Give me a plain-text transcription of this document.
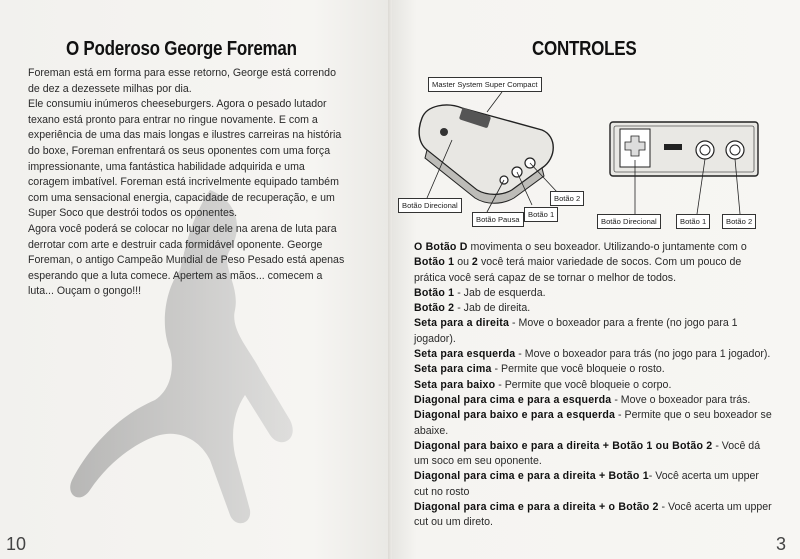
O Poderoso George Foreman

Foreman está em forma para esse retorno, George está correndo de dez a dezessete milhas por dia.

Ele consumiu inúmeros cheeseburgers. Agora o pesado lutador texano está pronto para entrar no ringue novamente. E com a experiência de uma das mais longas e ilustres carreiras na história do boxe, Foreman enfrentará os seus oponentes com uma força impressionante, uma fantástica habilidade adquirida e uma coragem imbatível. Foreman está incrivelmente equipado também com uma sensacional energia, capacidade de recuperação, e um Super Soco que destrói todos os oponentes.

Agora você poderá se colocar no lugar dele na arena de luta para derrotar com arte e destruir cada formidável oponente. George Foreman, o antigo Campeão Mundial de Peso Pesado está apenas esperando que a luta comece. Apertem as mãos... comecem a luta... Ouçam o gongo!!!

10
CONTROLES
Master System Super Compact
Botão Direcional
Botão Pausa
Botão 1
Botão 2
Botão Direcional	Botão 1	Botão 2

O Botão D movimenta o seu boxeador. Utilizando-o juntamente com o Botão 1 ou 2 você terá maior variedade de socos. Com um pouco de prática você será capaz de se tornar o melhor de todos.

Botão 1 - Jab de esquerda.

Botão 2 - Jab de direita.

Seta para a direita - Move o boxeador para a frente (no jogo para 1 jogador).

Seta para esquerda - Move o boxeador para trás (no jogo para 1 jogador).

Seta para cima - Permite que você bloqueie o rosto.

Seta para baixo - Permite que você bloqueie o corpo.

Diagonal para cima e para a esquerda - Move o boxeador para trás.

Diagonal para baixo e para a esquerda - Permite que o seu boxeador se abaixe.

Diagonal para baixo e para a direita + Botão 1 ou Botão 2 - Você dá um soco em seu oponente.

Diagonal para cima e para a direita + Botão 1- Você acerta um upper cut no rosto

Diagonal para cima e para a direita + o Botão 2 - Você acerta um upper cut ou um direto.

3
